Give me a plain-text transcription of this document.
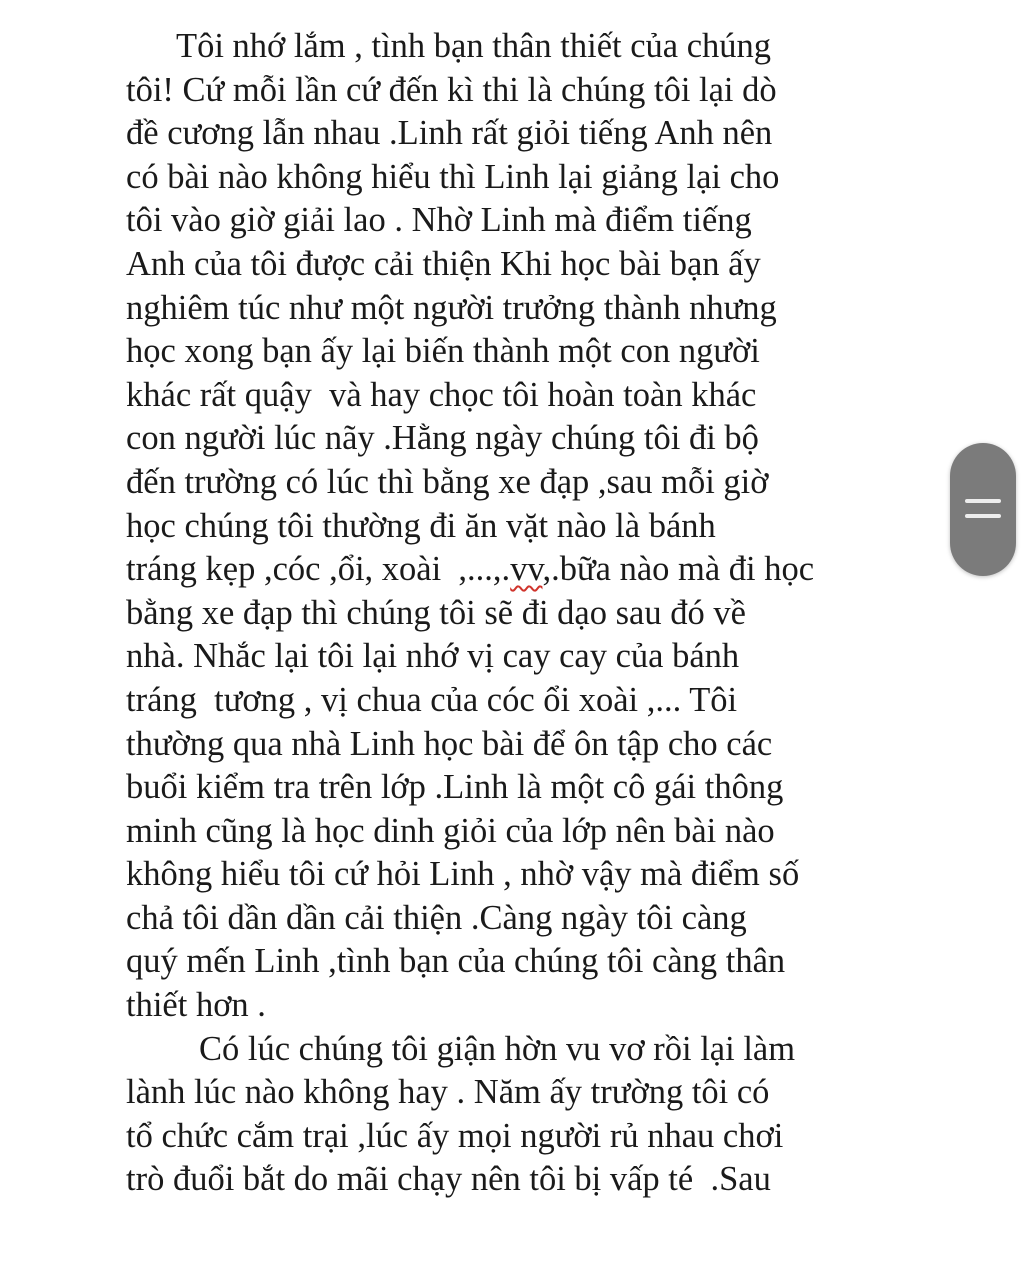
Tôi nhớ lắm , tình bạn thân thiết của chúng
tôi! Cứ mỗi lần cứ đến kì thi là chúng tôi lại dò
đề cương lẫn nhau .Linh rất giỏi tiếng Anh nên
có bài nào không hiểu thì Linh lại giảng lại cho
tôi vào giờ giải lao . Nhờ Linh mà điểm tiếng
Anh của tôi được cải thiện Khi học bài bạn ấy
nghiêm túc như một người trưởng thành nhưng
học xong bạn ấy lại biến thành một con người
khác rất quậy  và hay chọc tôi hoàn toàn khác
con người lúc nãy .Hằng ngày chúng tôi đi bộ
đến trường có lúc thì bằng xe đạp ,sau mỗi giờ
học chúng tôi thường đi ăn vặt nào là bánh
tráng kẹp ,cóc ,ổi, xoài  ,...,.vv,.bữa nào mà đi học
bằng xe đạp thì chúng tôi sẽ đi dạo sau đó về
nhà. Nhắc lại tôi lại nhớ vị cay cay của bánh
tráng  tương , vị chua của cóc ổi xoài ,... Tôi
thường qua nhà Linh học bài để ôn tập cho các
buổi kiểm tra trên lớp .Linh là một cô gái thông
minh cũng là học dinh giỏi của lớp nên bài nào
không hiểu tôi cứ hỏi Linh , nhờ vậy mà điểm số
chả tôi dần dần cải thiện .Càng ngày tôi càng
quý mến Linh ,tình bạn của chúng tôi càng thân
thiết hơn .
Có lúc chúng tôi giận hờn vu vơ rồi lại làm
lành lúc nào không hay . Năm ấy trường tôi có
tổ chức cắm trại ,lúc ấy mọi người rủ nhau chơi
trò đuổi bắt do mãi chạy nên tôi bị vấp té  .Sau
